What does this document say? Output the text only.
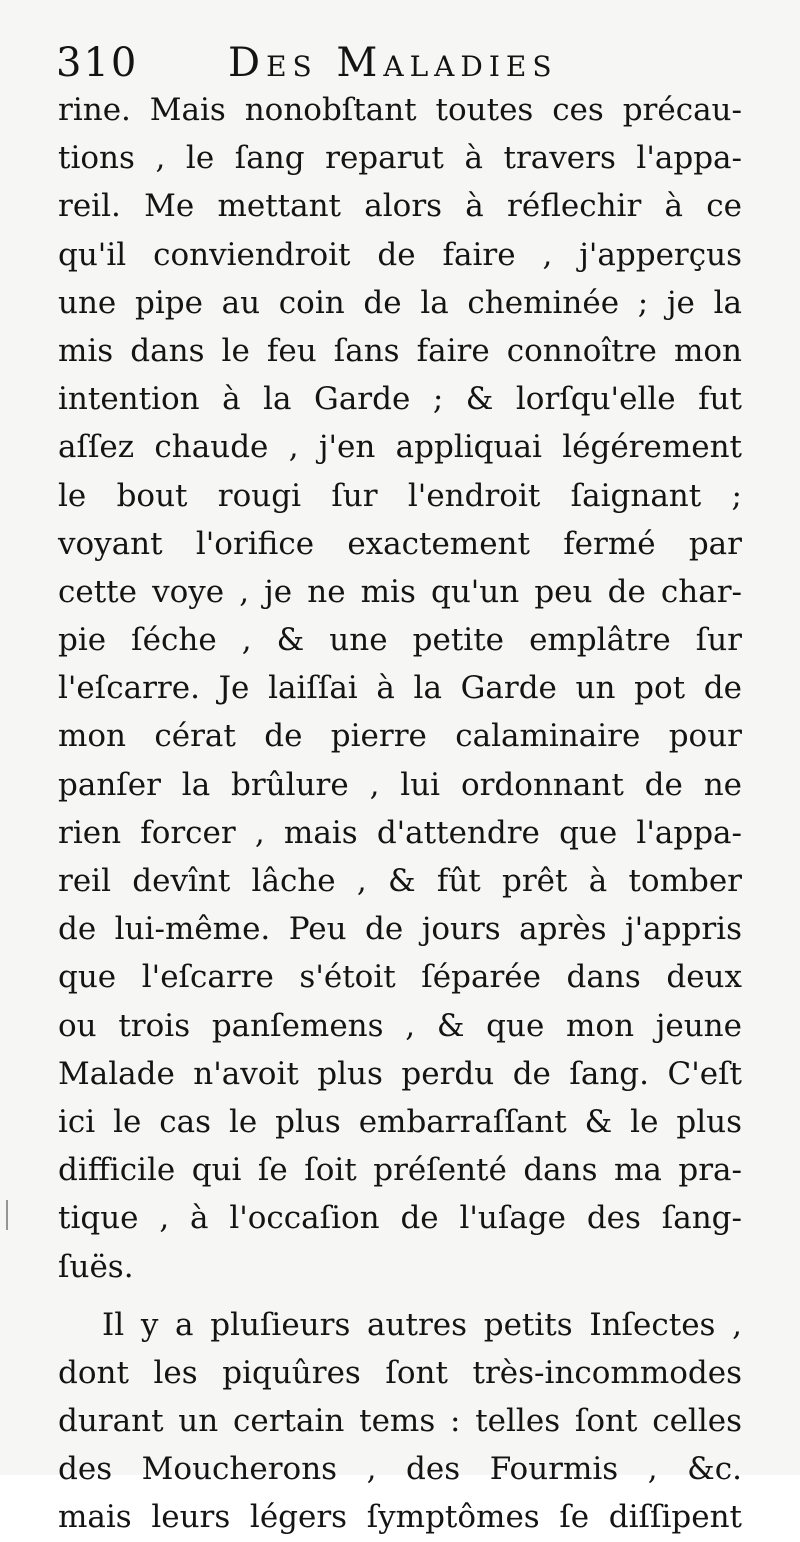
310 Des Maladies
rine. Mais nonobſtant toutes ces précau-
tions , le ſang reparut à travers l'appa-
reil. Me mettant alors à réflechir à ce
qu'il conviendroit de faire , j'apperçus
une pipe au coin de la cheminée ; je la
mis dans le feu ſans faire connoître mon
intention à la Garde ; & lorſqu'elle fut
aſſez chaude , j'en appliquai légérement
le bout rougi ſur l'endroit ſaignant ;
voyant l'orifice exactement fermé par
cette voye , je ne mis qu'un peu de char-
pie ſéche , & une petite emplâtre ſur
l'eſcarre. Je laiſſai à la Garde un pot de
mon cérat de pierre calaminaire pour
panſer la brûlure , lui ordonnant de ne
rien forcer , mais d'attendre que l'appa-
reil devînt lâche , & fût prêt à tomber
de lui-même. Peu de jours après j'appris
que l'eſcarre s'étoit ſéparée dans deux
ou trois panſemens , & que mon jeune
Malade n'avoit plus perdu de ſang. C'eſt
ici le cas le plus embarraſſant & le plus
difficile qui ſe ſoit préſenté dans ma pra-
tique , à l'occaſion de l'uſage des ſang-
ſuës.
Il y a pluſieurs autres petits Inſectes ,
dont les piquûres ſont très-incommodes
durant un certain tems : telles ſont celles
des Moucherons , des Fourmis , &c.
mais leurs légers ſymptômes ſe diſſipent
